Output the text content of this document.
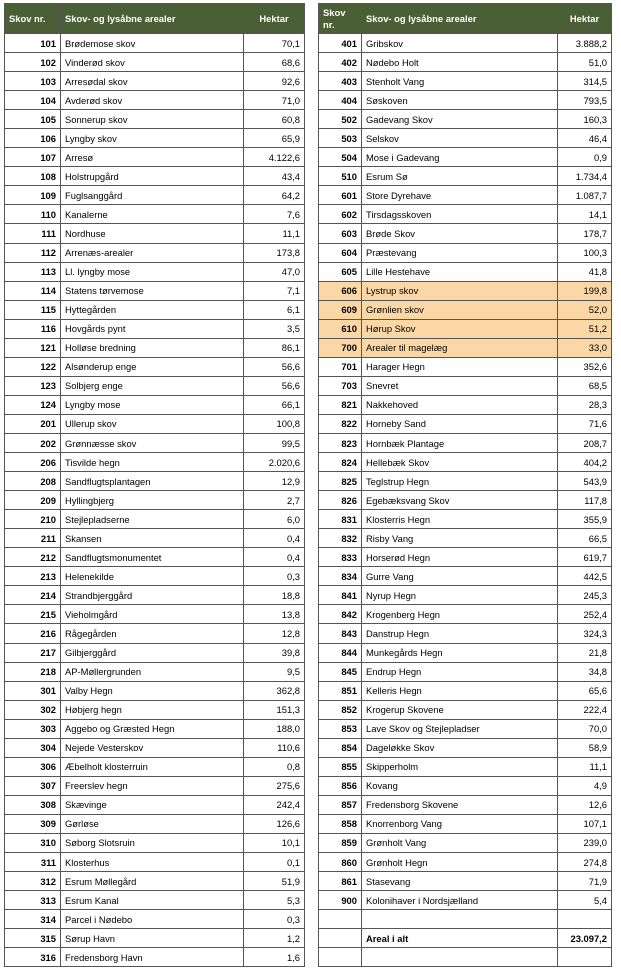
Skov nr.	Skov- og lysåbne arealer	Hektar
101	Brødemose skov	70,1
102	Vinderød skov	68,6
103	Arresødal skov	92,6
104	Avderød skov	71,0
105	Sonnerup skov	60,8
106	Lyngby skov	65,9
107	Arresø	4.122,6
108	Holstrupgård	43,4
109	Fuglsanggård	64,2
110	Kanalerne	7,6
111	Nordhuse	11,1
112	Arrenæs-arealer	173,8
113	Ll. lyngby mose	47,0
114	Statens tørvemose	7,1
115	Hyttegården	6,1
116	Hovgårds pynt	3,5
121	Holløse bredning	86,1
122	Alsønderup enge	56,6
123	Solbjerg enge	56,6
124	Lyngby mose	66,1
201	Ullerup skov	100,8
202	Grønnæsse skov	99,5
206	Tisvilde hegn	2.020,6
208	Sandflugtsplantagen	12,9
209	Hyllingbjerg	2,7
210	Stejlepladserne	6,0
211	Skansen	0,4
212	Sandflugtsmonumentet	0,4
213	Helenekilde	0,3
214	Strandbjerggård	18,8
215	Vieholmgård	13,8
216	Rågegården	12,8
217	Gilbjerggård	39,8
218	AP-Møllergrunden	9,5
301	Valby Hegn	362,8
302	Høbjerg hegn	151,3
303	Aggebo og Græsted Hegn	188,0
304	Nejede Vesterskov	110,6
306	Æbelholt klosterruin	0,8
307	Freerslev hegn	275,6
308	Skævinge	242,4
309	Gørløse	126,6
310	Søborg Slotsruin	10,1
311	Klosterhus	0,1
312	Esrum Møllegård	51,9
313	Esrum Kanal	5,3
314	Parcel i Nødebo	0,3
315	Sørup Havn	1,2
316	Fredensborg Havn	1,6
Skov nr.	Skov- og lysåbne arealer	Hektar
401	Gribskov	3.888,2
402	Nødebo Holt	51,0
403	Stenholt Vang	314,5
404	Søskoven	793,5
502	Gadevang Skov	160,3
503	Selskov	46,4
504	Mose i Gadevang	0,9
510	Esrum Sø	1.734,4
601	Store Dyrehave	1.087,7
602	Tirsdagsskoven	14,1
603	Brøde Skov	178,7
604	Præstevang	100,3
605	Lille Hestehave	41,8
606	Lystrup skov	199,8
609	Grønlien skov	52,0
610	Hørup Skov	51,2
700	Arealer til magelæg	33,0
701	Harager Hegn	352,6
703	Snevret	68,5
821	Nakkehoved	28,3
822	Horneby Sand	71,6
823	Hornbæk Plantage	208,7
824	Hellebæk Skov	404,2
825	Teglstrup Hegn	543,9
826	Egebæksvang Skov	117,8
831	Klosterris Hegn	355,9
832	Risby Vang	66,5
833	Horserød Hegn	619,7
834	Gurre Vang	442,5
841	Nyrup Hegn	245,3
842	Krogenberg Hegn	252,4
843	Danstrup Hegn	324,3
844	Munkegårds Hegn	21,8
845	Endrup Hegn	34,8
851	Kelleris Hegn	65,6
852	Krogerup Skovene	222,4
853	Lave Skov og Stejlepladser	70,0
854	Dageløkke Skov	58,9
855	Skipperholm	11,1
856	Kovang	4,9
857	Fredensborg Skovene	12,6
858	Knorrenborg Vang	107,1
859	Grønholt Vang	239,0
860	Grønholt Hegn	274,8
861	Stasevang	71,9
900	Kolonihaver i Nordsjælland	5,4

	Areal i alt	23.097,2
